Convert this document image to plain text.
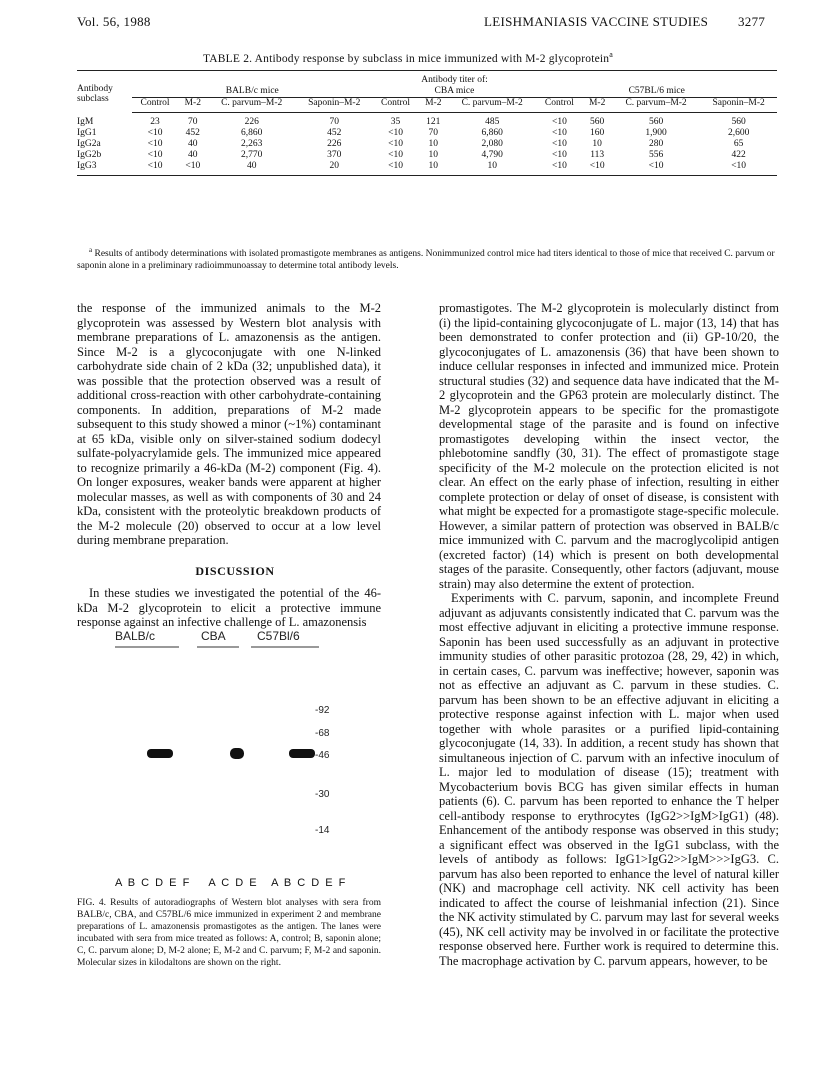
Vol. 56, 1988	LEISHMANIASIS VACCINE STUDIES 3277
TABLE 2. Antibody response by subclass in mice immunized with M-2 glycoprotein$^a$
Antibody subclass	Antibody titer of:										
	BALB/c mice				CBA mice			C57BL/6 mice			
	Control	M-2	C. parvum–M-2	Saponin–M-2	Control	M-2	C. parvum–M-2	Control	M-2	C. parvum–M-2	Saponin–M-2
IgM	23	70	226	70	35	121	485	<10	560	560	560
IgG1	<10	452	6,860	452	<10	70	6,860	<10	160	1,900	2,600
IgG2a	<10	40	2,263	226	<10	10	2,080	<10	10	280	65
IgG2b	<10	40	2,770	370	<10	10	4,790	<10	113	556	422
IgG3	<10	<10	40	20	<10	10	10	<10	<10	<10	<10
$^a$ Results of antibody determinations with isolated promastigote membranes as antigens. Nonimmunized control mice had titers identical to those of mice that received C. parvum or saponin alone in a preliminary radioimmunoassay to determine total antibody levels.

the response of the immunized animals to the M-2 glycoprotein was assessed by Western blot analysis with membrane preparations of L. amazonensis as the antigen. Since M-2 is a glycoconjugate with one N-linked carbohydrate side chain of 2 kDa (32; unpublished data), it was possible that the protection observed was a result of additional cross-reaction with other carbohydrate-containing components. In addition, preparations of M-2 made subsequent to this study showed a minor (~1%) contaminant at 65 kDa, visible only on silver-stained sodium dodecyl sulfate-polyacrylamide gels. The immunized mice appeared to recognize primarily a 46-kDa (M-2) component (Fig. 4). On longer exposures, weaker bands were apparent at higher molecular masses, as well as with components of 30 and 24 kDa, consistent with the proteolytic breakdown products of the M-2 molecule (20) observed to occur at a low level during membrane preparation.

DISCUSSION

In these studies we investigated the potential of the 46-kDa M-2 glycoprotein to elicit a protective immune response against an infective challenge of L. amazonensis

BALB/c	CBA	C57Bl/6
-92
-68
-46
-30
-14
A B C D E F    A C D E   A B C D E F
FIG. 4. Results of autoradiographs of Western blot analyses with sera from BALB/c, CBA, and C57BL/6 mice immunized in experiment 2 and membrane preparations of L. amazonensis promastigotes as the antigen. The lanes were incubated with sera from mice treated as follows: A, control; B, saponin alone; C, C. parvum alone; D, M-2 alone; E, M-2 and C. parvum; F, M-2 and saponin. Molecular sizes in kilodaltons are shown on the right.

promastigotes. The M-2 glycoprotein is molecularly distinct from (i) the lipid-containing glycoconjugate of L. major (13, 14) that has been demonstrated to confer protection and (ii) GP-10/20, the glycoconjugates of L. amazonensis (36) that have been shown to induce cellular responses in infected and immunized mice. Protein structural studies (32) and sequence data have indicated that the M-2 glycoprotein and the GP63 protein are molecularly distinct. The M-2 glycoprotein appears to be specific for the promastigote developmental stage of the parasite and is found on infective promastigotes developing within the insect vector, the phlebotomine sandfly (30, 31). The effect of promastigote stage specificity of the M-2 molecule on the protection elicited is not clear. An effect on the early phase of infection, resulting in either complete protection or delay of onset of disease, is consistent with what might be expected for a promastigote stage-specific molecule. However, a similar pattern of protection was observed in BALB/c mice immunized with C. parvum and the macroglycolipid antigen (excreted factor) (14) which is present on both developmental stages of the parasite. Consequently, other factors (adjuvant, mouse strain) may also determine the extent of protection.

Experiments with C. parvum, saponin, and incomplete Freund adjuvant as adjuvants consistently indicated that C. parvum was the most effective adjuvant in eliciting a protective immune response. Saponin has been used successfully as an adjuvant in protective immunity studies of other parasitic protozoa (28, 29, 42) in which, in certain cases, C. parvum was ineffective; however, saponin was not as effective an adjuvant as C. parvum in these studies. C. parvum has been shown to be an effective adjuvant in eliciting a protective response against infection with L. major when used together with whole parasites or a purified lipid-containing glycoconjugate (14, 33). In addition, a recent study has shown that simultaneous injection of C. parvum with an infective inoculum of L. major led to modulation of disease (15); treatment with Mycobacterium bovis BCG has given similar effects in human patients (6). C. parvum has been reported to enhance the T helper cell-antibody response to erythrocytes (IgG2>>IgM>IgG1) (48). Enhancement of the antibody response was observed in this study; a significant effect was observed in the IgG1 subclass, with the levels of antibody as follows: IgG1>IgG2>>IgM>>>IgG3. C. parvum has also been reported to enhance the level of natural killer (NK) and macrophage cell activity. NK cell activity has been indicated to affect the course of leishmanial infection (21). Since the NK activity stimulated by C. parvum may last for several weeks (45), NK cell activity may be involved in or facilitate the protective response observed here. Further work is required to determine this. The macrophage activation by C. parvum appears, however, to be
